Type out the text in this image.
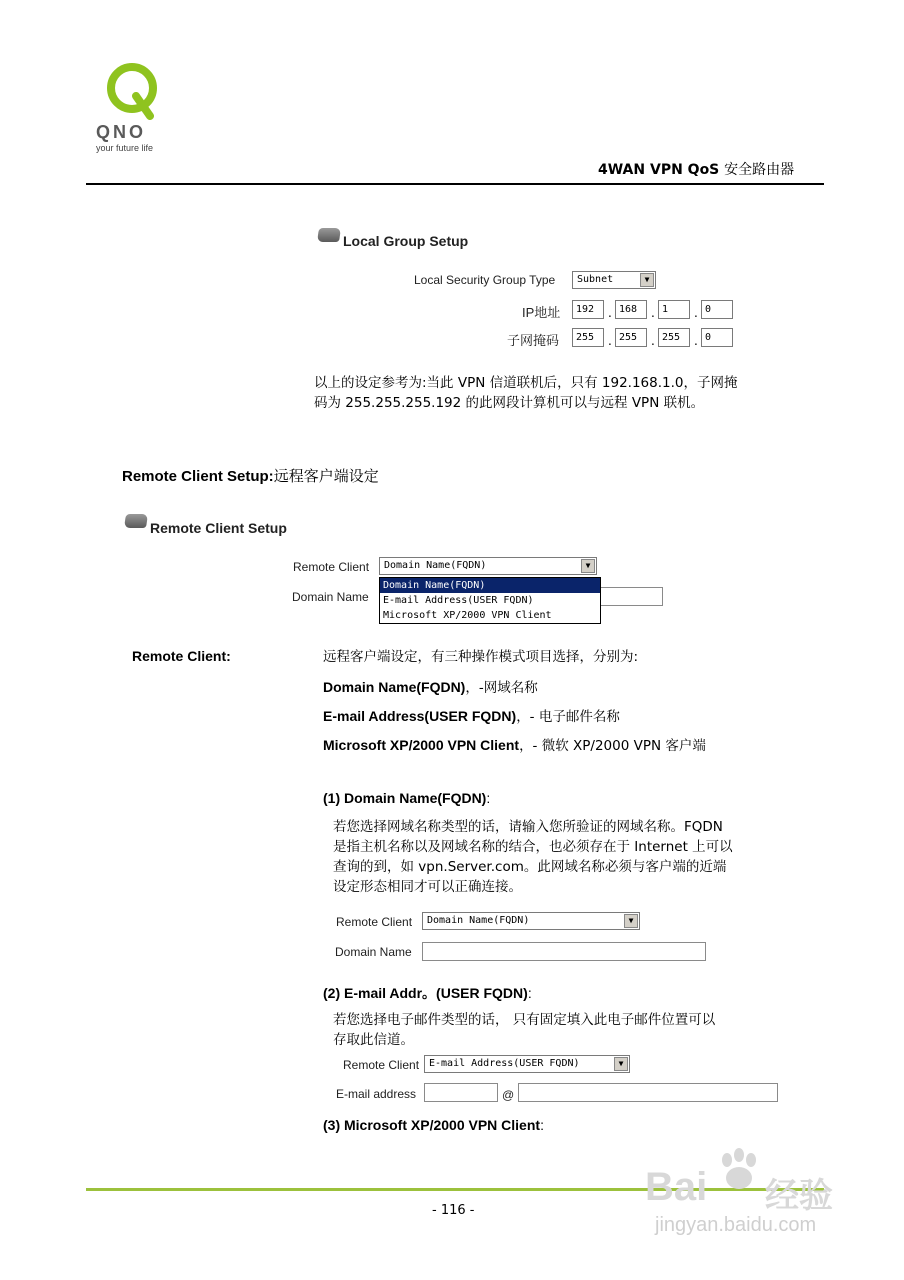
QNO
your future life
4WAN VPN QoS 安全路由器
Local Group Setup
Local Security Group Type	Subnet	▼
IP地址	192	. 168	. 1	. 0
子网掩码	255	. 255	. 255	. 0
以上的设定参考为:当此 VPN 信道联机后，只有 192.168.1.0，子网掩
码为 255.255.255.192 的此网段计算机可以与远程 VPN 联机。
Remote Client Setup:远程客户端设定
Remote Client Setup
Remote Client	Domain Name(FQDN)	▼
Domain Name
Domain Name(FQDN)
E-mail Address(USER FQDN)
Microsoft XP/2000 VPN Client
Remote Client:	远程客户端设定，有三种操作模式项目选择，分别为:
Domain Name(FQDN)，-网域名称
E-mail Address(USER FQDN)，- 电子邮件名称
Microsoft XP/2000 VPN Client，- 微软 XP/2000 VPN 客户端
(1) Domain Name(FQDN):
若您选择网域名称类型的话，请输入您所验证的网域名称。FQDN
是指主机名称以及网域名称的结合，也必须存在于 Internet 上可以
查询的到，如 vpn.Server.com。此网域名称必须与客户端的近端
设定形态相同才可以正确连接。
Remote Client	Domain Name(FQDN)	▼
Domain Name
(2) E-mail Addr。(USER FQDN):
若您选择电子邮件类型的话， 只有固定填入此电子邮件位置可以
存取此信道。
Remote Client E-mail Address(USER FQDN)	▼
E-mail address	@
(3) Microsoft XP/2000 VPN Client:
- 116 -
Bai 经验
jingyan.baidu.com
